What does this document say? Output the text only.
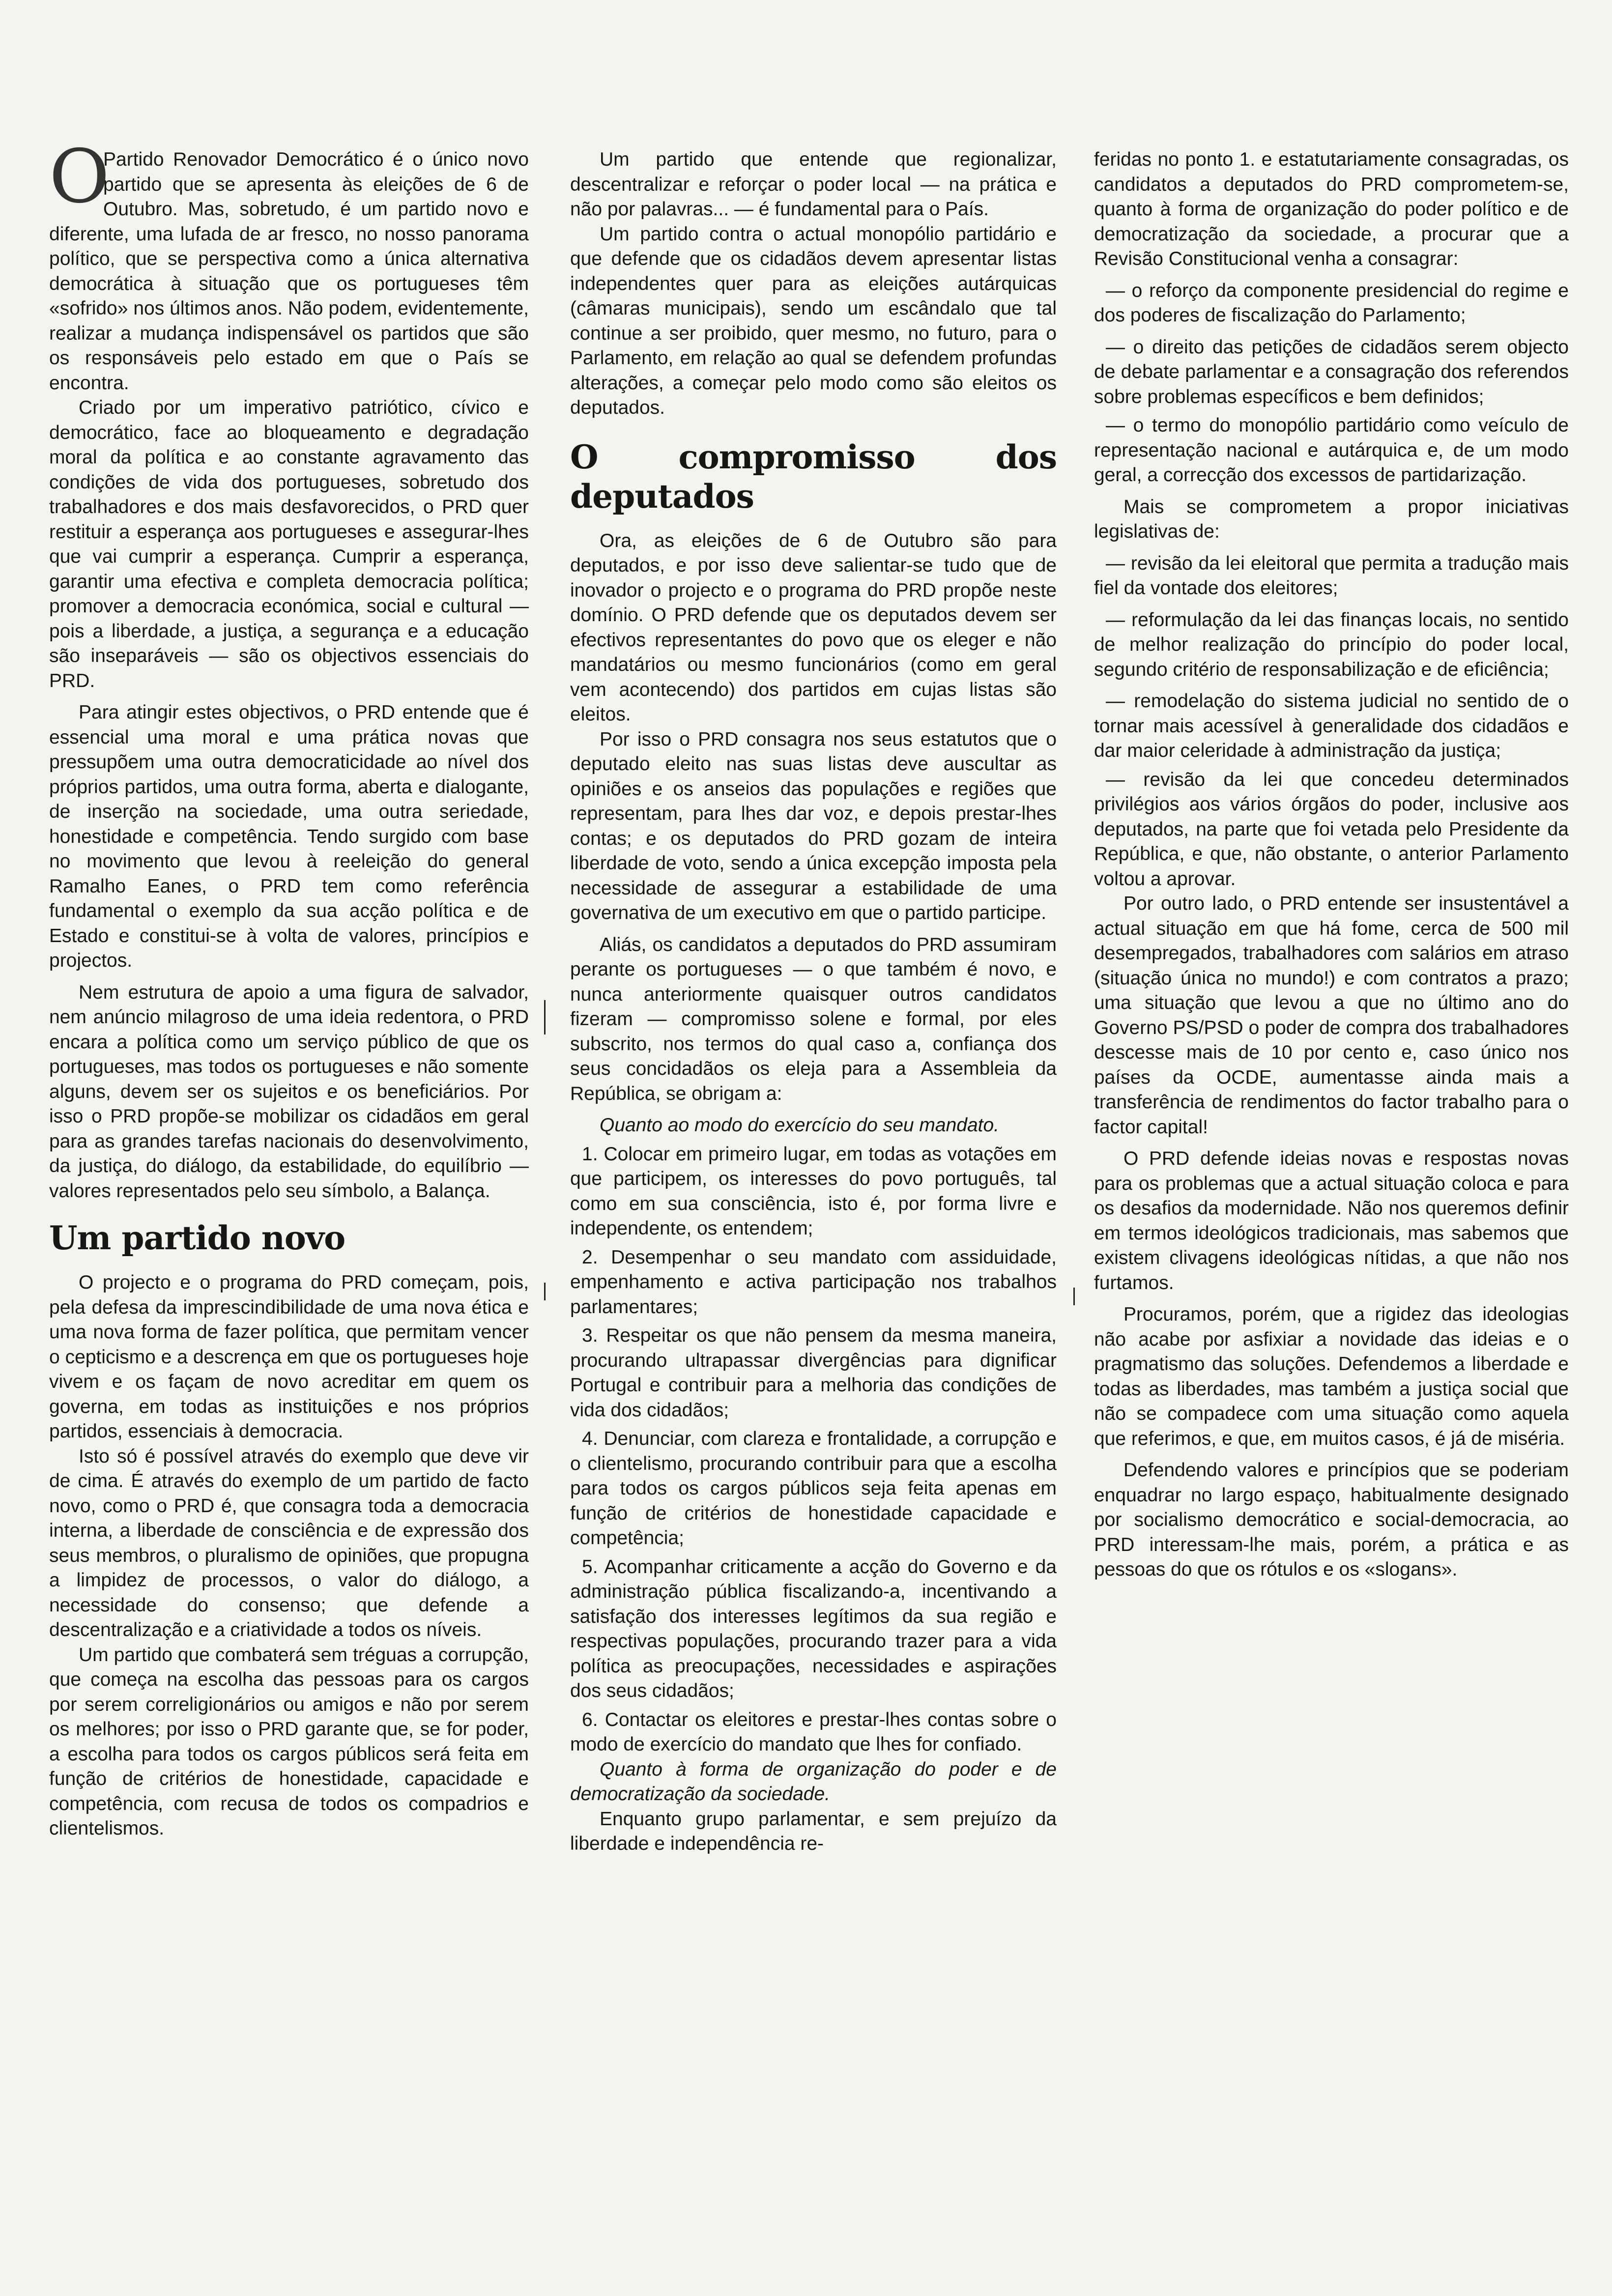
O

Partido Renovador Democrático é o único novo partido que se apresenta às eleições de 6 de Outubro. Mas, sobretudo, é um partido novo e diferente, uma lufada de ar fresco, no nosso panorama político, que se perspectiva como a única alternativa democrática à situação que os portugueses têm «sofrido» nos últimos anos. Não podem, evidentemente, realizar a mudança indispensável os partidos que são os responsáveis pelo estado em que o País se encontra.

Criado por um imperativo patriótico, cívico e democrático, face ao bloqueamento e degradação moral da política e ao constante agravamento das condições de vida dos portugueses, sobretudo dos trabalhadores e dos mais desfavorecidos, o PRD quer restituir a esperança aos portugueses e assegurar-lhes que vai cumprir a esperança. Cumprir a esperança, garantir uma efectiva e completa democracia política; promover a democracia económica, social e cultural — pois a liberdade, a justiça, a segurança e a educação são inseparáveis — são os objectivos essenciais do PRD.

Para atingir estes objectivos, o PRD entende que é essencial uma moral e uma prática novas que pressupõem uma outra democraticidade ao nível dos próprios partidos, uma outra forma, aberta e dialogante, de inserção na sociedade, uma outra seriedade, honestidade e competência. Tendo surgido com base no movimento que levou à reeleição do general Ramalho Eanes, o PRD tem como referência fundamental o exemplo da sua acção política e de Estado e constitui-se à volta de valores, princípios e projectos.

Nem estrutura de apoio a uma figura de salvador, nem anúncio milagroso de uma ideia redentora, o PRD encara a política como um serviço público de que os portugueses, mas todos os portugueses e não somente alguns, devem ser os sujeitos e os beneficiários. Por isso o PRD propõe-se mobilizar os cidadãos em geral para as grandes tarefas nacionais do desenvolvimento, da justiça, do diálogo, da estabilidade, do equilíbrio — valores representados pelo seu símbolo, a Balança.

Um partido novo

O projecto e o programa do PRD começam, pois, pela defesa da imprescindibilidade de uma nova ética e uma nova forma de fazer política, que permitam vencer o cepticismo e a descrença em que os portugueses hoje vivem e os façam de novo acreditar em quem os governa, em todas as instituições e nos próprios partidos, essenciais à democracia.

Isto só é possível através do exemplo que deve vir de cima. É através do exemplo de um partido de facto novo, como o PRD é, que consagra toda a democracia interna, a liberdade de consciência e de expressão dos seus membros, o pluralismo de opiniões, que propugna a limpidez de processos, o valor do diálogo, a necessidade do consenso; que defende a descentralização e a criatividade a todos os níveis.

Um partido que combaterá sem tréguas a corrupção, que começa na escolha das pessoas para os cargos por serem correligionários ou amigos e não por serem os melhores; por isso o PRD garante que, se for poder, a escolha para todos os cargos públicos será feita em função de critérios de honestidade, capacidade e competência, com recusa de todos os compadrios e clientelismos.

Um partido que entende que regionalizar, descentralizar e reforçar o poder local — na prática e não por palavras... — é fundamental para o País.

Um partido contra o actual monopólio partidário e que defende que os cidadãos devem apresentar listas independentes quer para as eleições autárquicas (câmaras municipais), sendo um escândalo que tal continue a ser proibido, quer mesmo, no futuro, para o Parlamento, em relação ao qual se defendem profundas alterações, a começar pelo modo como são eleitos os deputados.

O compromisso dos deputados

Ora, as eleições de 6 de Outubro são para deputados, e por isso deve salientar-se tudo que de inovador o projecto e o programa do PRD propõe neste domínio. O PRD defende que os deputados devem ser efectivos representantes do povo que os eleger e não mandatários ou mesmo funcionários (como em geral vem acontecendo) dos partidos em cujas listas são eleitos.

Por isso o PRD consagra nos seus estatutos que o deputado eleito nas suas listas deve auscultar as opiniões e os anseios das populações e regiões que representam, para lhes dar voz, e depois prestar-lhes contas; e os deputados do PRD gozam de inteira liberdade de voto, sendo a única excepção imposta pela necessidade de assegurar a estabilidade de uma governativa de um executivo em que o partido participe.

Aliás, os candidatos a deputados do PRD assumiram perante os portugueses — o que também é novo, e nunca anteriormente quaisquer outros candidatos fizeram — compromisso solene e formal, por eles subscrito, nos termos do qual caso a, confiança dos seus concidadãos os eleja para a Assembleia da República, se obrigam a:

Quanto ao modo do exercício do seu mandato.

1. Colocar em primeiro lugar, em todas as votações em que participem, os interesses do povo português, tal como em sua consciência, isto é, por forma livre e independente, os entendem;

2. Desempenhar o seu mandato com assiduidade, empenhamento e activa participação nos trabalhos parlamentares;

3. Respeitar os que não pensem da mesma maneira, procurando ultrapassar divergências para dignificar Portugal e contribuir para a melhoria das condições de vida dos cidadãos;

4. Denunciar, com clareza e frontalidade, a corrupção e o clientelismo, procurando contribuir para que a escolha para todos os cargos públicos seja feita apenas em função de critérios de honestidade capacidade e competência;

5. Acompanhar criticamente a acção do Governo e da administração pública fiscalizando-a, incentivando a satisfação dos interesses legítimos da sua região e respectivas populações, procurando trazer para a vida política as preocupações, necessidades e aspirações dos seus cidadãos;

6. Contactar os eleitores e prestar-lhes contas sobre o modo de exercício do mandato que lhes for confiado.

Quanto à forma de organização do poder e de democratização da sociedade.

Enquanto grupo parlamentar, e sem prejuízo da liberdade e independência re-

feridas no ponto 1. e estatutariamente consagradas, os candidatos a deputados do PRD comprometem-se, quanto à forma de organização do poder político e de democratização da sociedade, a procurar que a Revisão Constitucional venha a consagrar:

— o reforço da componente presidencial do regime e dos poderes de fiscalização do Parlamento;

— o direito das petições de cidadãos serem objecto de debate parlamentar e a consagração dos referendos sobre problemas específicos e bem definidos;

— o termo do monopólio partidário como veículo de representação nacional e autárquica e, de um modo geral, a correcção dos excessos de partidarização.

Mais se comprometem a propor iniciativas legislativas de:

— revisão da lei eleitoral que permita a tradução mais fiel da vontade dos eleitores;

— reformulação da lei das finanças locais, no sentido de melhor realização do princípio do poder local, segundo critério de responsabilização e de eficiência;

— remodelação do sistema judicial no sentido de o tornar mais acessível à generalidade dos cidadãos e dar maior celeridade à administração da justiça;

— revisão da lei que concedeu determinados privilégios aos vários órgãos do poder, inclusive aos deputados, na parte que foi vetada pelo Presidente da República, e que, não obstante, o anterior Parlamento voltou a aprovar.

Por outro lado, o PRD entende ser insustentável a actual situação em que há fome, cerca de 500 mil desempregados, trabalhadores com salários em atraso (situação única no mundo!) e com contratos a prazo; uma situação que levou a que no último ano do Governo PS/PSD o poder de compra dos trabalhadores descesse mais de 10 por cento e, caso único nos países da OCDE, aumentasse ainda mais a transferência de rendimentos do factor trabalho para o factor capital!

O PRD defende ideias novas e respostas novas para os problemas que a actual situação coloca e para os desafios da modernidade. Não nos queremos definir em termos ideológicos tradicionais, mas sabemos que existem clivagens ideológicas nítidas, a que não nos furtamos.

Procuramos, porém, que a rigidez das ideologias não acabe por asfixiar a novidade das ideias e o pragmatismo das soluções. Defendemos a liberdade e todas as liberdades, mas também a justiça social que não se compadece com uma situação como aquela que referimos, e que, em muitos casos, é já de miséria.

Defendendo valores e princípios que se poderiam enquadrar no largo espaço, habitualmente designado por socialismo democrático e social-democracia, ao PRD interessam-lhe mais, porém, a prática e as pessoas do que os rótulos e os «slogans».
